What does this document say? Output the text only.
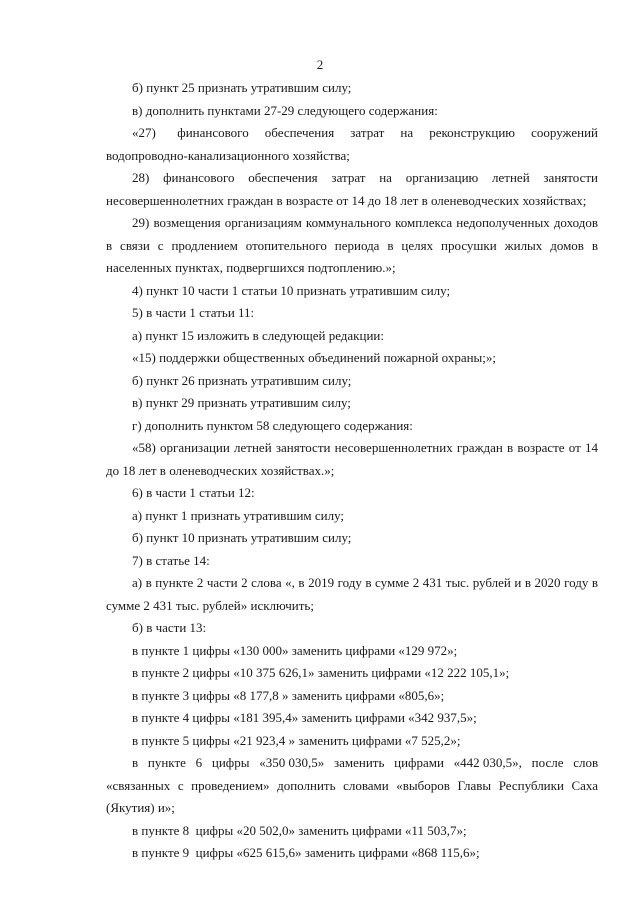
2
б) пункт 25 признать утратившим силу;
в) дополнить пунктами 27-29 следующего содержания:
«27)    финансового   обеспечения   затрат   на   реконструкцию   сооружений
водопроводно-канализационного хозяйства;
28)  финансового  обеспечения  затрат  на  организацию  летней  занятости
несовершеннолетних граждан в возрасте от 14 до 18 лет в оленеводческих хозяйствах;
29) возмещения организациям коммунального комплекса недополученных доходов
в  связи  с  продлением  отопительного  периода  в  целях  просушки  жилых  домов  в
населенных пунктах, подвергшихся подтоплению.»;
4) пункт 10 части 1 статьи 10 признать утратившим силу;
5) в части 1 статьи 11:
а) пункт 15 изложить в следующей редакции:
«15) поддержки общественных объединений пожарной охраны;»;
б) пункт 26 признать утратившим силу;
в) пункт 29 признать утратившим силу;
г) дополнить пунктом 58 следующего содержания:
«58) организации летней занятости несовершеннолетних граждан в возрасте от 14
до 18 лет в оленеводческих хозяйствах.»;
6) в части 1 статьи 12:
а) пункт 1 признать утратившим силу;
б) пункт 10 признать утратившим силу;
7) в статье 14:
а) в пункте 2 части 2 слова «, в 2019 году в сумме 2 431 тыс. рублей и в 2020 году в
сумме 2 431 тыс. рублей» исключить;
б) в части 13:
в пункте 1 цифры «130 000» заменить цифрами «129 972»;
в пункте 2 цифры «10 375 626,1» заменить цифрами «12 222 105,1»;
в пункте 3 цифры «8 177,8 » заменить цифрами «805,6»;
в пункте 4 цифры «181 395,4» заменить цифрами «342 937,5»;
в пункте 5 цифры «21 923,4 » заменить цифрами «7 525,2»;
в   пункте   6   цифры   «350 030,5»   заменить   цифрами   «442 030,5»,   после   слов
«связанных  с  проведением»  дополнить  словами  «выборов  Главы  Республики  Саха
(Якутия) и»;
в пункте 8  цифры «20 502,0» заменить цифрами «11 503,7»;
в пункте 9  цифры «625 615,6» заменить цифрами «868 115,6»;
